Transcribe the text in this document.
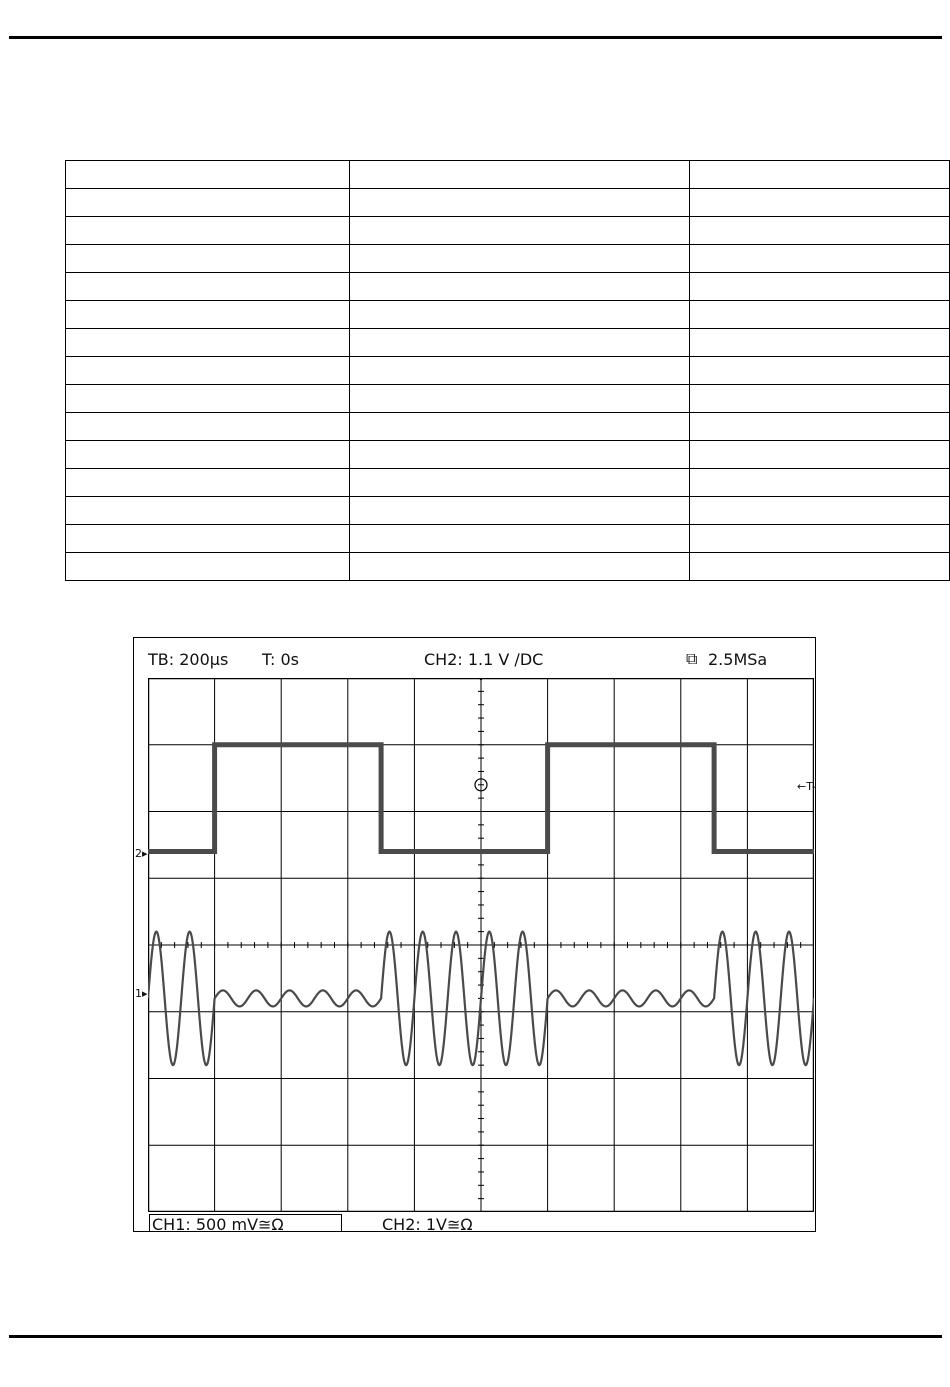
TB: 200µs T: 0s	CH2: 1.1 V ∕DC	⧉ 2.5MSa
2▸
1▸
←T-
CH1: 500 mV≅Ω	CH2: 1V≅Ω
